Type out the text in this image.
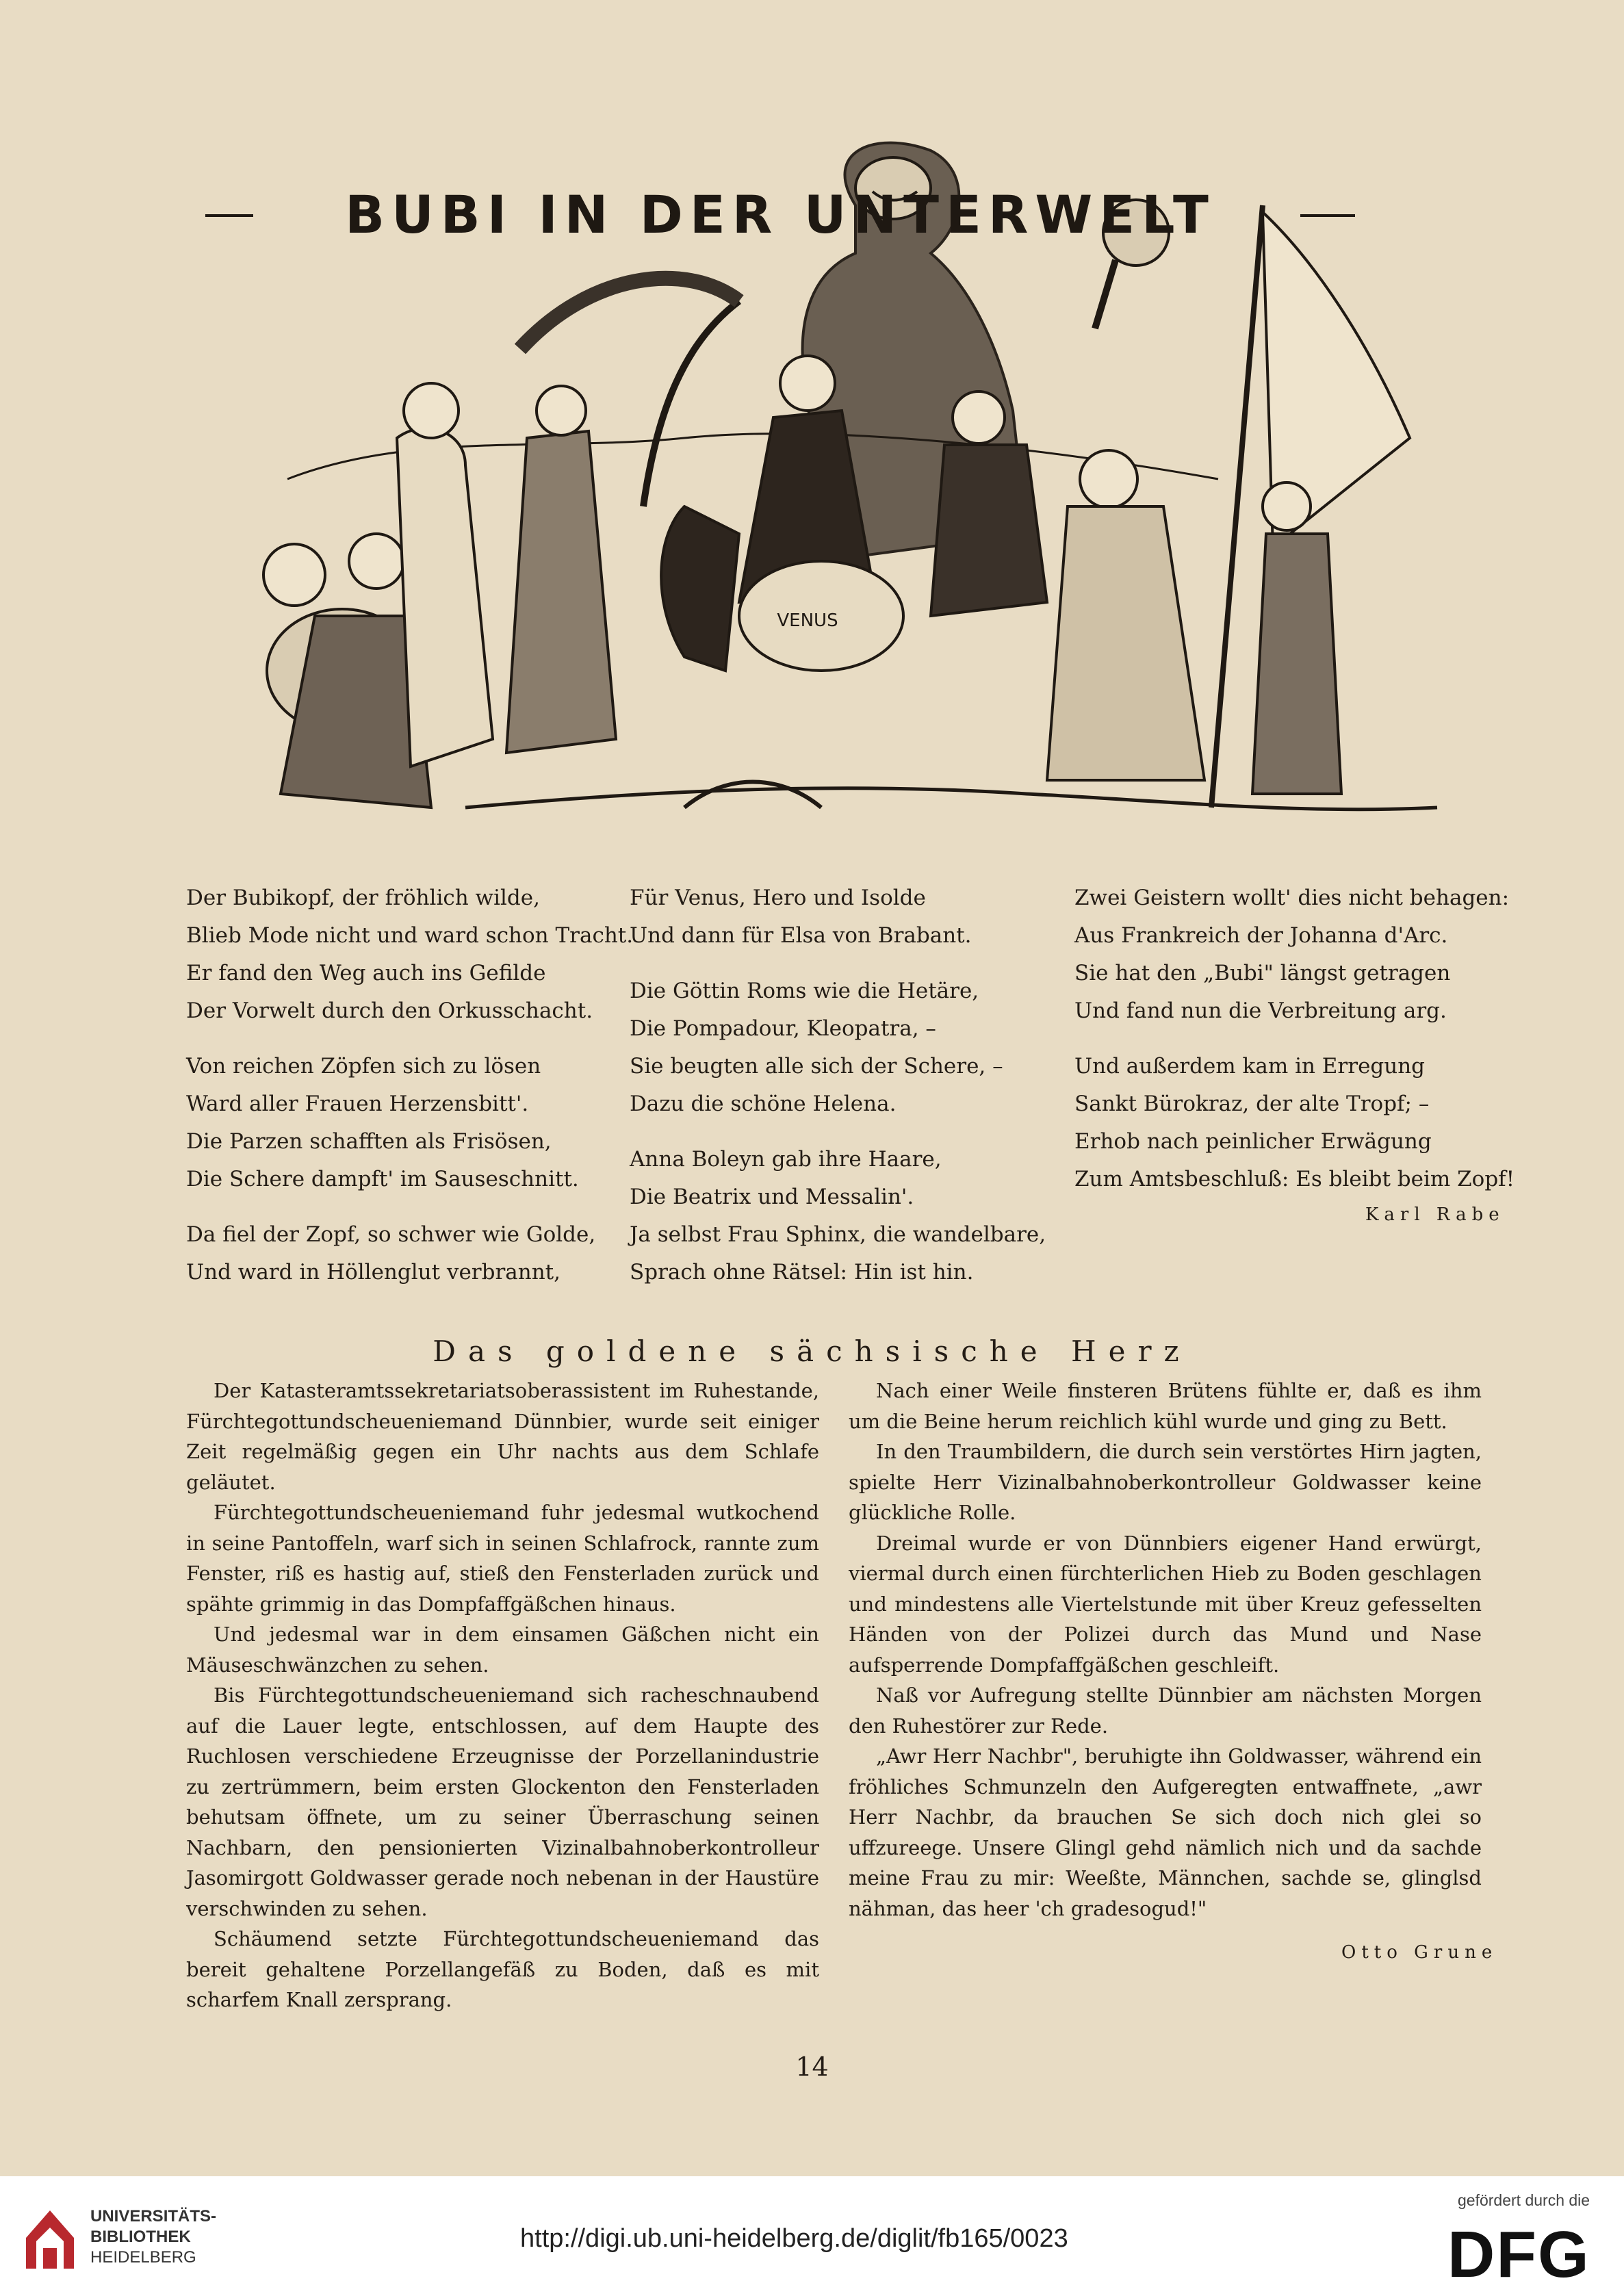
VENUS
BUBI IN DER UNTERWELT
Der Bubikopf, der fröhlich wilde,
Blieb Mode nicht und ward schon Tracht.
Er fand den Weg auch ins Gefilde
Der Vorwelt durch den Orkusschacht.
Von reichen Zöpfen sich zu lösen
Ward aller Frauen Herzensbitt'.
Die Parzen schafften als Frisösen,
Die Schere dampft' im Sauseschnitt.
Da fiel der Zopf, so schwer wie Golde,
Und ward in Höllenglut verbrannt,
Für Venus, Hero und Isolde
Und dann für Elsa von Brabant.
Die Göttin Roms wie die Hetäre,
Die Pompadour, Kleopatra, –
Sie beugten alle sich der Schere, –
Dazu die schöne Helena.
Anna Boleyn gab ihre Haare,
Die Beatrix und Messalin'.
Ja selbst Frau Sphinx, die wandelbare,
Sprach ohne Rätsel: Hin ist hin.
Zwei Geistern wollt' dies nicht behagen:
Aus Frankreich der Johanna d'Arc.
Sie hat den „Bubi" längst getragen
Und fand nun die Verbreitung arg.
Und außerdem kam in Erregung
Sankt Bürokraz, der alte Tropf; –
Erhob nach peinlicher Erwägung
Zum Amtsbeschluß: Es bleibt beim Zopf!
Karl Rabe
Das goldene sächsische Herz

Der Katasteramtssekretariatsoberassistent im Ruhestande, Fürchtegottundscheueniemand Dünnbier, wurde seit einiger Zeit regelmäßig gegen ein Uhr nachts aus dem Schlafe geläutet.

Fürchtegottundscheueniemand fuhr jedesmal wutkochend in seine Pantoffeln, warf sich in seinen Schlafrock, rannte zum Fenster, riß es hastig auf, stieß den Fensterladen zurück und spähte grimmig in das Dompfaffgäßchen hinaus.

Und jedesmal war in dem einsamen Gäßchen nicht ein Mäuseschwänzchen zu sehen.

Bis Fürchtegottundscheueniemand sich racheschnaubend auf die Lauer legte, entschlossen, auf dem Haupte des Ruchlosen verschiedene Erzeugnisse der Porzellanindustrie zu zertrümmern, beim ersten Glockenton den Fensterladen behutsam öffnete, um zu seiner Überraschung seinen Nachbarn, den pensionierten Vizinalbahnoberkontrolleur Jasomirgott Goldwasser gerade noch nebenan in der Haustüre verschwinden zu sehen.

Schäumend setzte Fürchtegottundscheueniemand das bereit gehaltene Porzellangefäß zu Boden, daß es mit scharfem Knall zersprang.

Nach einer Weile finsteren Brütens fühlte er, daß es ihm um die Beine herum reichlich kühl wurde und ging zu Bett.

In den Traumbildern, die durch sein verstörtes Hirn jagten, spielte Herr Vizinalbahnoberkontrolleur Goldwasser keine glückliche Rolle.

Dreimal wurde er von Dünnbiers eigener Hand erwürgt, viermal durch einen fürchterlichen Hieb zu Boden geschlagen und mindestens alle Viertelstunde mit über Kreuz gefesselten Händen von der Polizei durch das Mund und Nase aufsperrende Dompfaffgäßchen geschleift.

Naß vor Aufregung stellte Dünnbier am nächsten Morgen den Ruhestörer zur Rede.

„Awr Herr Nachbr", beruhigte ihn Goldwasser, während ein fröhliches Schmunzeln den Aufgeregten entwaffnete, „awr Herr Nachbr, da brauchen Se sich doch nich glei so uffzureege. Unsere Glingl gehd nämlich nich und da sachde meine Frau zu mir: Weeßte, Männchen, sachde se, glinglsd nähman, das heer 'ch gradesogud!"

Otto Grune
14
UNIVERSITÄTS-
BIBLIOTHEK
HEIDELBERG
http://digi.ub.uni-heidelberg.de/diglit/fb165/0023
gefördert durch die
DFG
